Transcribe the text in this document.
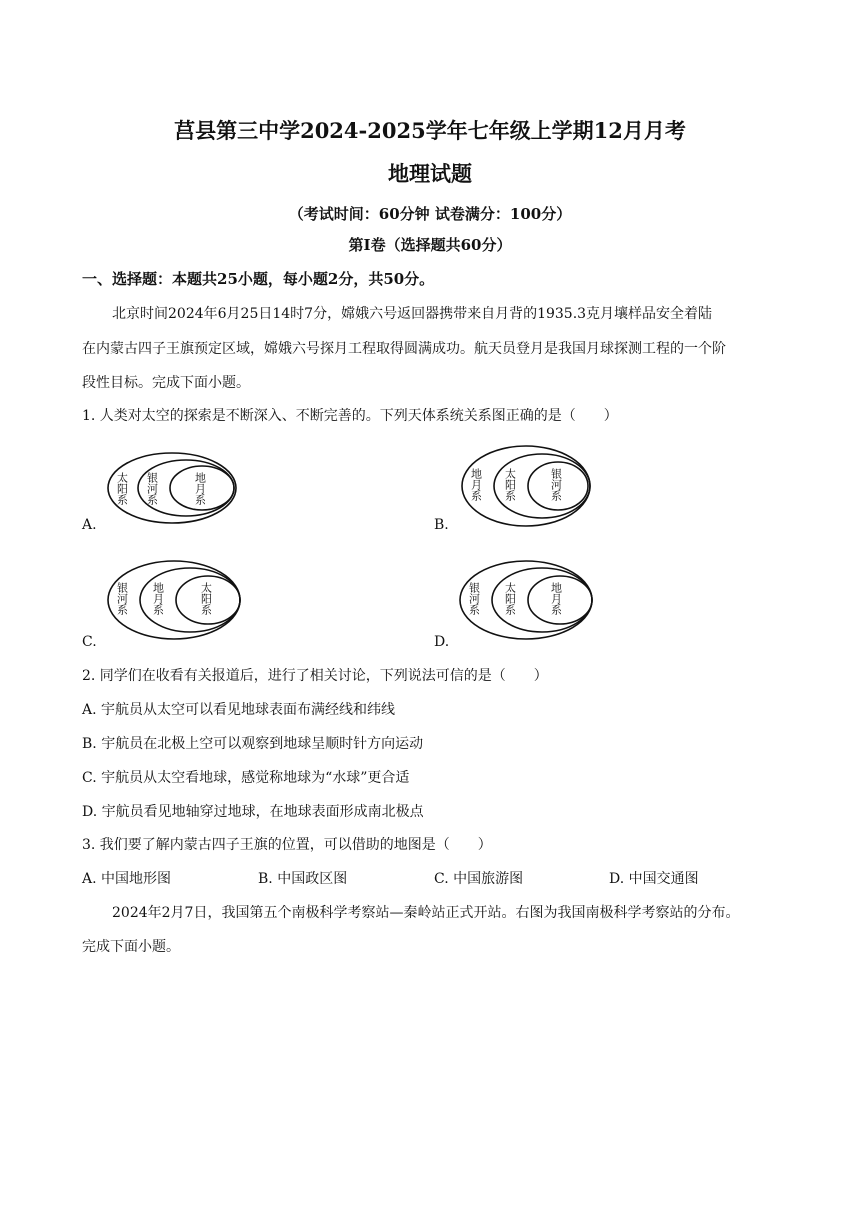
莒县第三中学2024-2025学年七年级上学期12月月考
地理试题
（考试时间：60分钟 试卷满分：100分）
第Ⅰ卷（选择题共60分）
一、选择题：本题共25小题，每小题2分，共50分。
北京时间2024年6月25日14时7分，嫦娥六号返回器携带来自月背的1935.3克月壤样品安全着陆
在内蒙古四子王旗预定区域，嫦娥六号探月工程取得圆满成功。航天员登月是我国月球探测工程的一个阶
段性目标。完成下面小题。
1. 人类对太空的探索是不断深入、不断完善的。下列天体系统关系图正确的是（　　）
太阳系 银河系	地月系
A.
地月系 太阳系	银河系
B.
银河系 地月系	太阳系
C.
银河系 太阳系	地月系
D.
2. 同学们在收看有关报道后，进行了相关讨论，下列说法可信的是（　　）
A. 宇航员从太空可以看见地球表面布满经线和纬线
B. 宇航员在北极上空可以观察到地球呈顺时针方向运动
C. 宇航员从太空看地球，感觉称地球为“水球”更合适
D. 宇航员看见地轴穿过地球，在地球表面形成南北极点
3. 我们要了解内蒙古四子王旗的位置，可以借助的地图是（　　）
A. 中国地形图	B. 中国政区图	C. 中国旅游图	D. 中国交通图
2024年2月7日，我国第五个南极科学考察站—秦岭站正式开站。右图为我国南极科学考察站的分布。
完成下面小题。
